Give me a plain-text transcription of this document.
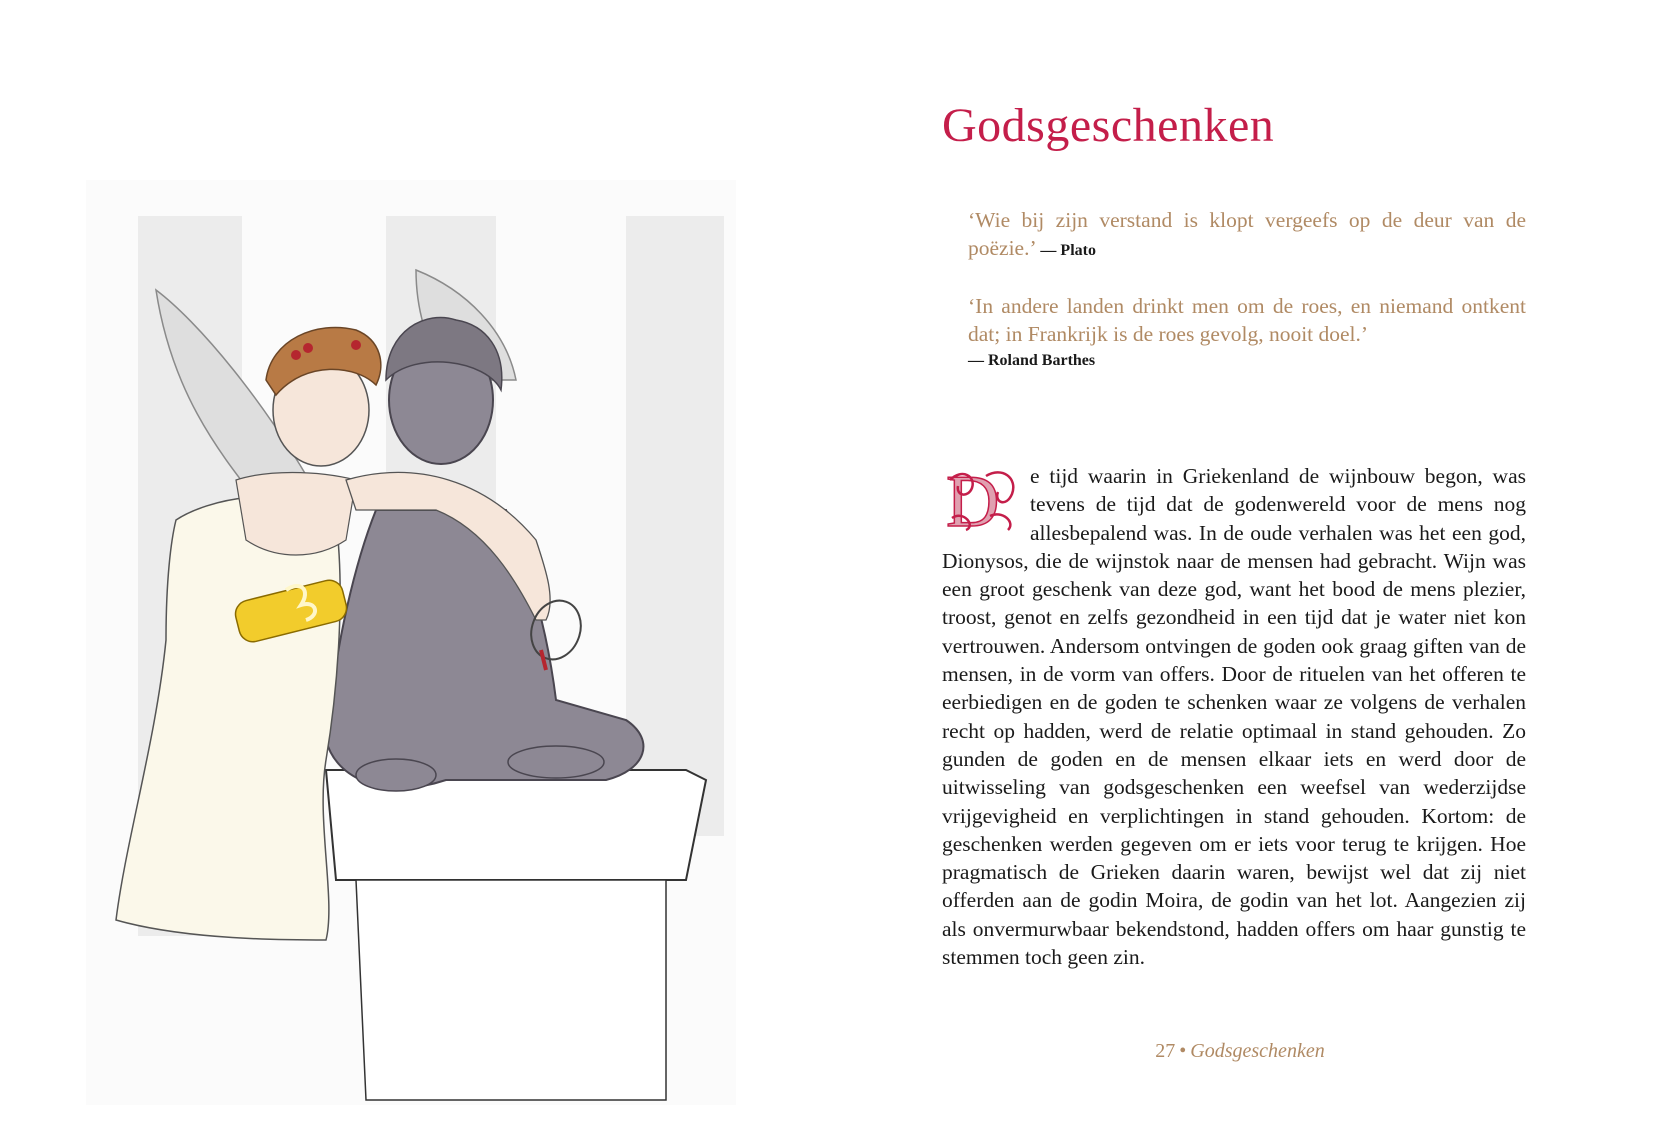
Godsgeschenken
‘Wie bij zijn verstand is klopt vergeefs op de deur van de poëzie.’ — Plato
‘In andere landen drinkt men om de roes, en niemand ontkent dat; in Frankrijk is de roes gevolg, nooit doel.’
— Roland Barthes
D	e tijd waarin in Griekenland de wijnbouw begon, was tevens de tijd dat de godenwereld voor de mens nog allesbepalend was. In de oude verhalen was het een god, Dionysos, die de wijnstok naar de mensen had gebracht. Wijn was een groot geschenk van deze god, want het bood de mens plezier, troost, genot en zelfs gezondheid in een tijd dat je water niet kon vertrouwen. Andersom ontvingen de goden ook graag giften van de mensen, in de vorm van offers. Door de rituelen van het offeren te eerbiedigen en de goden te schenken waar ze volgens de verhalen recht op hadden, werd de relatie optimaal in stand gehouden. Zo gunden de goden en de mensen elkaar iets en werd door de uitwisseling van godsgeschenken een weefsel van wederzijdse vrijgevigheid en verplichtingen in stand gehouden. Kortom: de geschenken werden gegeven om er iets voor terug te krijgen. Hoe pragmatisch de Grieken daarin waren, bewijst wel dat zij niet offerden aan de godin Moira, de godin van het lot. Aangezien zij als onvermurwbaar bekendstond, hadden offers om haar gunstig te stemmen toch geen zin.

27 • Godsgeschenken
